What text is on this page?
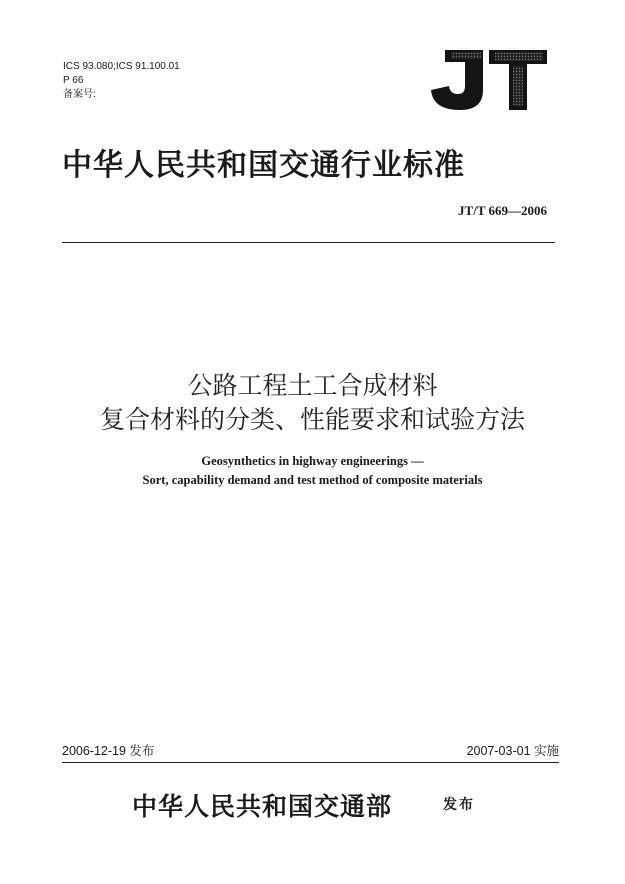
ICS 93.080;ICS 91.100.01
P 66
备案号:
JT
中华人民共和国交通行业标准
JT/T 669—2006
公路工程土工合成材料
复合材料的分类、性能要求和试验方法
Geosynthetics in highway engineerings —
Sort, capability demand and test method of composite materials
2006-12-19 发布	2007-03-01 实施
中华人民共和国交通部	发布
